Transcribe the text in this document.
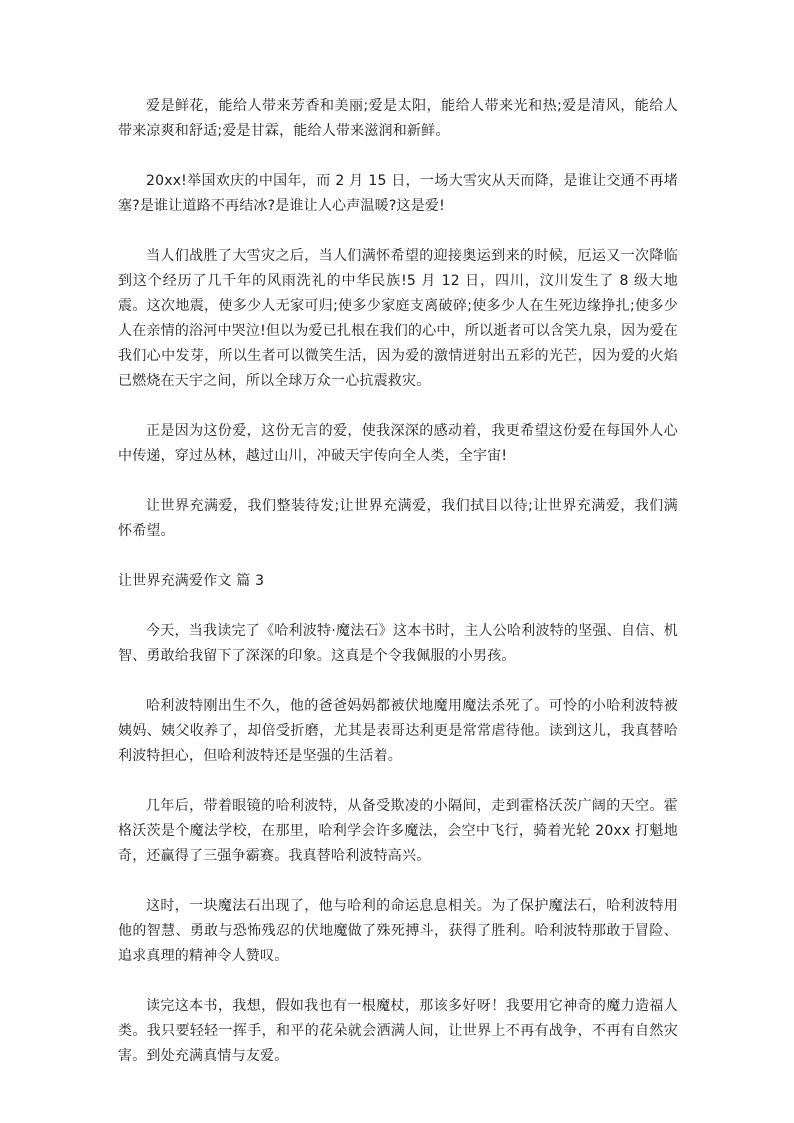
爱是鲜花，能给人带来芳香和美丽;爱是太阳，能给人带来光和热;爱是清风，能给人带来凉爽和舒适;爱是甘霖，能给人带来滋润和新鲜。

20xx!举国欢庆的中国年，而 2 月 15 日，一场大雪灾从天而降，是谁让交通不再堵塞?是谁让道路不再结冰?是谁让人心声温暖?这是爱!

当人们战胜了大雪灾之后，当人们满怀希望的迎接奥运到来的时候，厄运又一次降临到这个经历了几千年的风雨洗礼的中华民族!5 月 12 日，四川，汶川发生了 8 级大地震。这次地震，使多少人无家可归;使多少家庭支离破碎;使多少人在生死边缘挣扎;使多少人在亲情的浴河中哭泣!但以为爱已扎根在我们的心中，所以逝者可以含笑九泉，因为爱在我们心中发芽，所以生者可以微笑生活，因为爱的激情迸射出五彩的光芒，因为爱的火焰已燃烧在天宇之间，所以全球万众一心抗震救灾。

正是因为这份爱，这份无言的爱，使我深深的感动着，我更希望这份爱在每国外人心中传递，穿过丛林，越过山川，冲破天宇传向全人类，全宇宙!

让世界充满爱，我们整装待发;让世界充满爱，我们拭目以待;让世界充满爱，我们满怀希望。

让世界充满爱作文 篇 3

今天，当我读完了《哈利波特·魔法石》这本书时，主人公哈利波特的坚强、自信、机智、勇敢给我留下了深深的印象。这真是个令我佩服的小男孩。

哈利波特刚出生不久，他的爸爸妈妈都被伏地魔用魔法杀死了。可怜的小哈利波特被姨妈、姨父收养了，却倍受折磨，尤其是表哥达利更是常常虐待他。读到这儿，我真替哈利波特担心，但哈利波特还是坚强的生活着。

几年后，带着眼镜的哈利波特，从备受欺凌的小隔间，走到霍格沃茨广阔的天空。霍格沃茨是个魔法学校，在那里，哈利学会许多魔法，会空中飞行，骑着光轮 20xx 打魁地奇，还赢得了三强争霸赛。我真替哈利波特高兴。

这时，一块魔法石出现了，他与哈利的命运息息相关。为了保护魔法石，哈利波特用他的智慧、勇敢与恐怖残忍的伏地魔做了殊死搏斗，获得了胜利。哈利波特那敢于冒险、追求真理的精神令人赞叹。

读完这本书，我想，假如我也有一根魔杖，那该多好呀！我要用它神奇的魔力造福人类。我只要轻轻一挥手，和平的花朵就会洒满人间，让世界上不再有战争，不再有自然灾害。到处充满真情与友爱。
